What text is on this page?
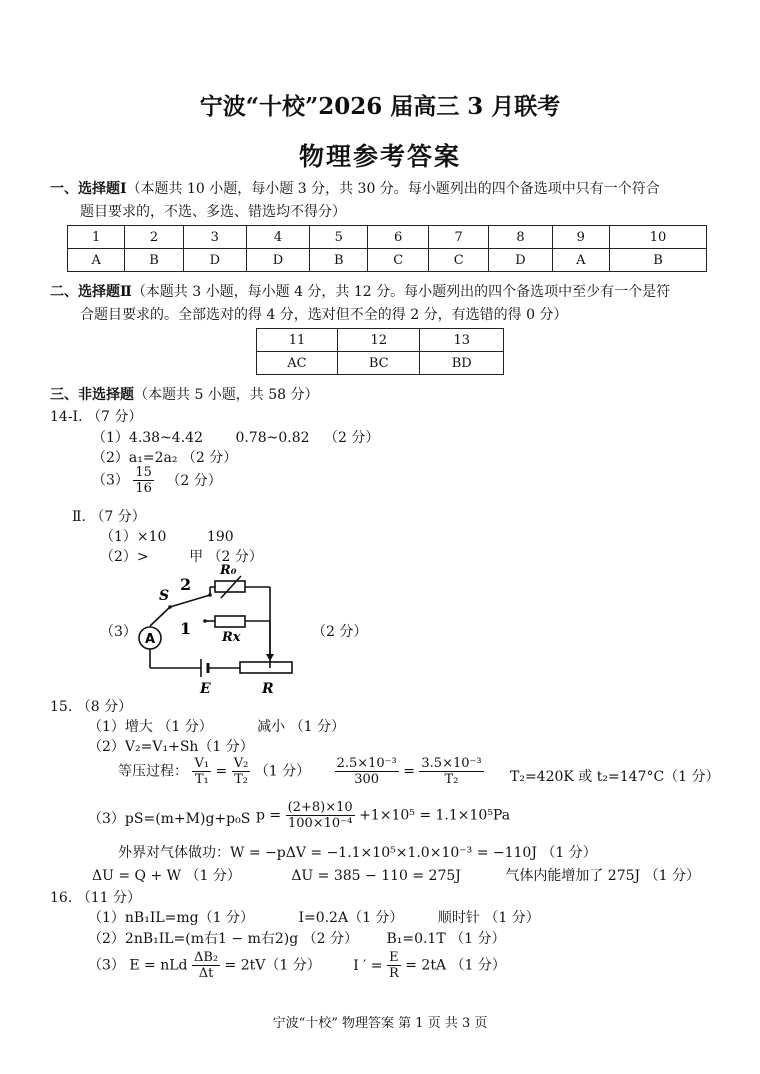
宁波“十校”2026 届高三 3 月联考
物理参考答案
一、选择题Ⅰ（本题共 10 小题，每小题 3 分，共 30 分。每小题列出的四个备选项中只有一个符合
题目要求的，不选、多选、错选均不得分）
1	2	3	4	5	6	7	8	9	10
A	B	D	D	B	C	C	D	A	B
二、选择题Ⅱ（本题共 3 小题，每小题 4 分，共 12 分。每小题列出的四个备选项中至少有一个是符
合题目要求的。全部选对的得 4 分，选对但不全的得 2 分，有选错的得 0 分）
11	12	13
AC	BC	BD
三、非选择题（本题共 5 小题，共 58 分）
14-I. （7 分）
（1）4.38~4.42 0.78~0.82 （2 分）
（2）a₁=2a₂ （2 分）
$(3) \frac{15}{16} (2$ 分）
Ⅱ. （7 分）
（1）×10	190
（2）>	甲 （2 分）
（3）	（2 分）
2
1
S
R₀
Rx
A
E	R
15. （8 分）
（1）增大 （1 分）	减小 （1 分）
（2）V₂=V₁+Sh（1 分）
等压过程： $\frac{\text{V₁}}{\text{T₁}} = \frac{\text{V₂}}{\text{T₂}} (1$ 分） $\frac{\text{2.5×10⁻³}}{300} = \frac{\text{3.5×10⁻³}}{\text{T₂}} T_2=420K$ 或 t₂=147°C（1 分）
（3）pS=(m+M)g+p₀S $p = \frac{(2+8)\times 10}{\text{100×10⁻⁴}} +1\times 10^5 = 1.1\times 10^5Pa$
外界对气体做功：W = −pΔV = −1.1×10⁵×1.0×10⁻³ = −110J （1 分）
ΔU = Q + W （1 分）	ΔU = 385 − 110 = 275J	气体内能增加了 275J （1 分）
16. （11 分）
（1）nB₁IL=mg（1 分）	I=0.2A（1 分） 顺时针 （1 分）
（2）2nB₁IL=(m右1 − m右2)g （2 分） B₁=0.1T （1 分）
（3） E = nLd $\frac{\text{ΔB₂}}{\Delta t} = 2tV(1$ 分） I ′ = $\frac{E}{R} = 2tA$ （1 分）
宁波“十校” 物理答案 第 1 页 共 3 页
